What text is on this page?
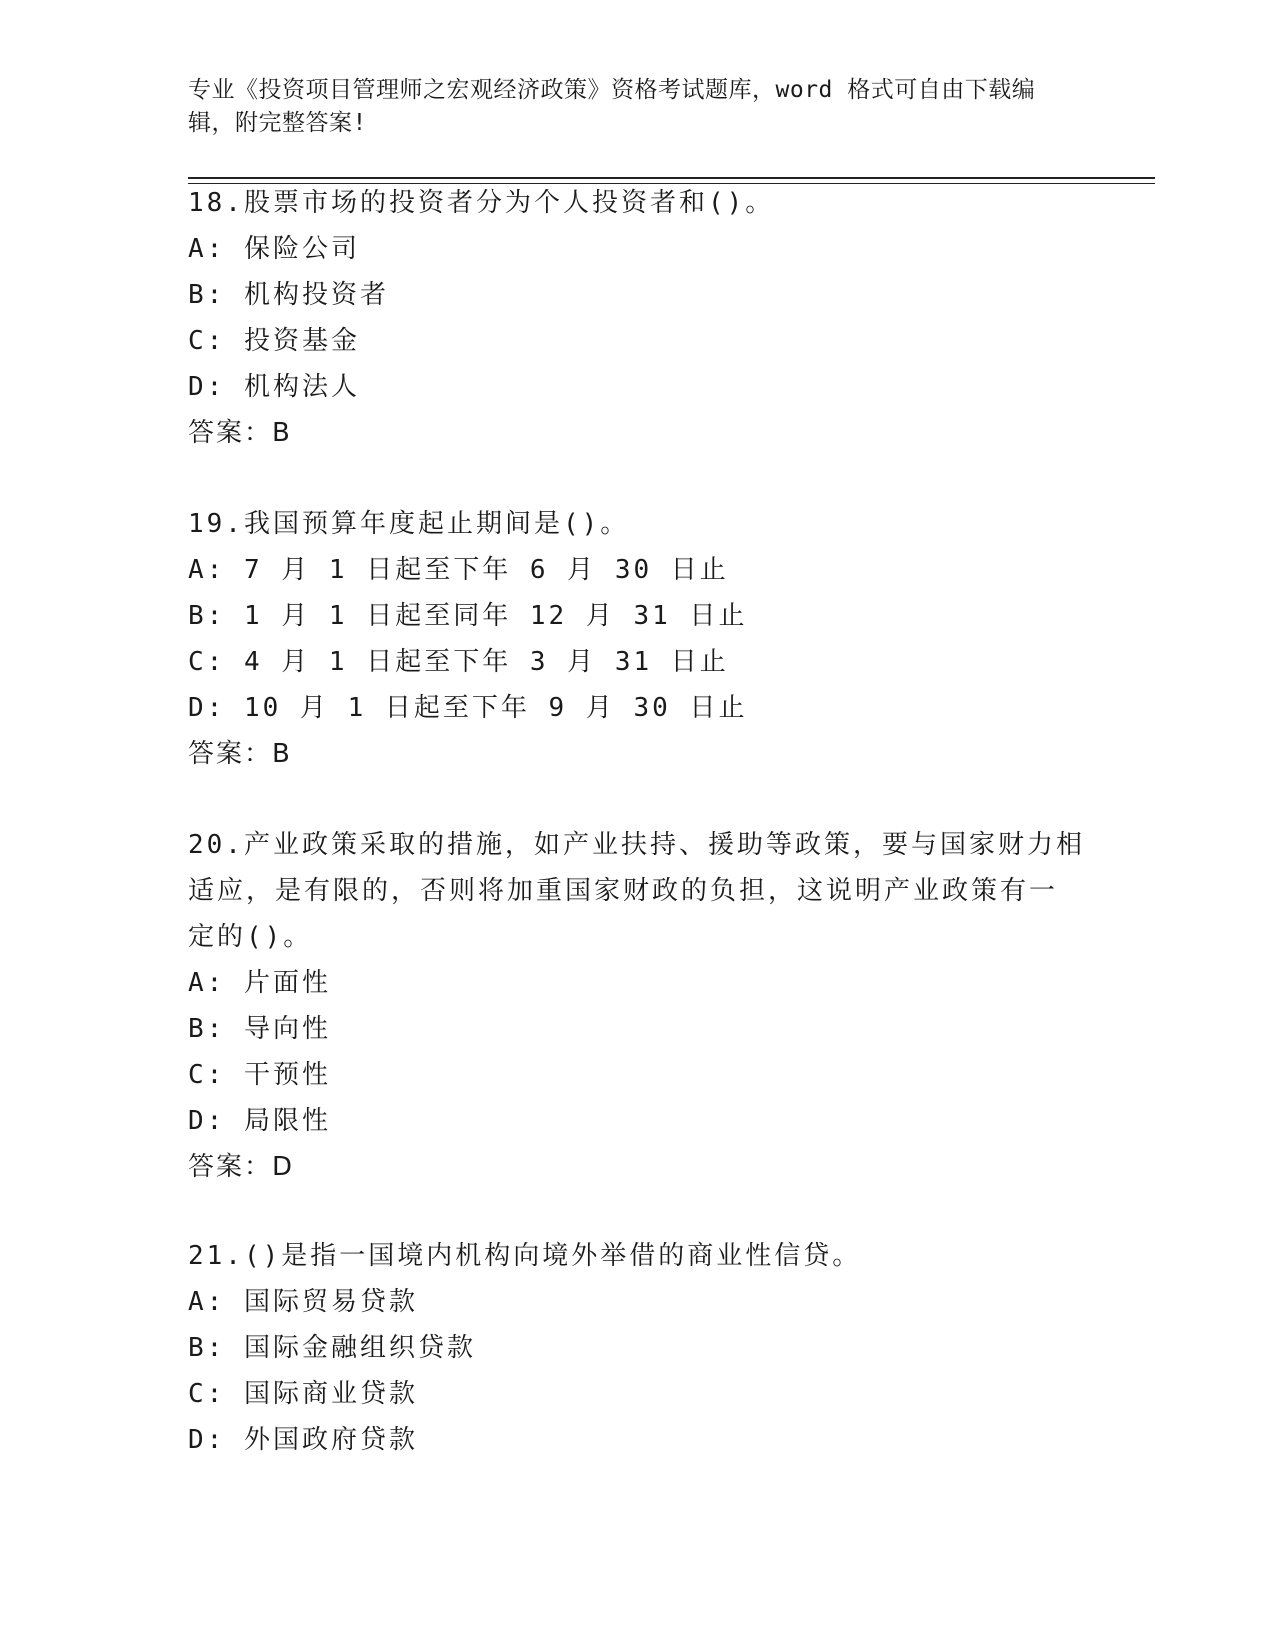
专业《投资项目管理师之宏观经济政策》资格考试题库，word 格式可自由下载编
辑，附完整答案!
18.股票市场的投资者分为个人投资者和()。
A: 保险公司
B: 机构投资者
C: 投资基金
D: 机构法人
答案：B
19.我国预算年度起止期间是()。
A: 7 月 1 日起至下年 6 月 30 日止
B: 1 月 1 日起至同年 12 月 31 日止
C: 4 月 1 日起至下年 3 月 31 日止
D: 10 月 1 日起至下年 9 月 30 日止
答案：B
20.产业政策采取的措施，如产业扶持、援助等政策，要与国家财力相
适应，是有限的，否则将加重国家财政的负担，这说明产业政策有一
定的()。
A: 片面性
B: 导向性
C: 干预性
D: 局限性
答案：D
21.()是指一国境内机构向境外举借的商业性信贷。
A: 国际贸易贷款
B: 国际金融组织贷款
C: 国际商业贷款
D: 外国政府贷款
